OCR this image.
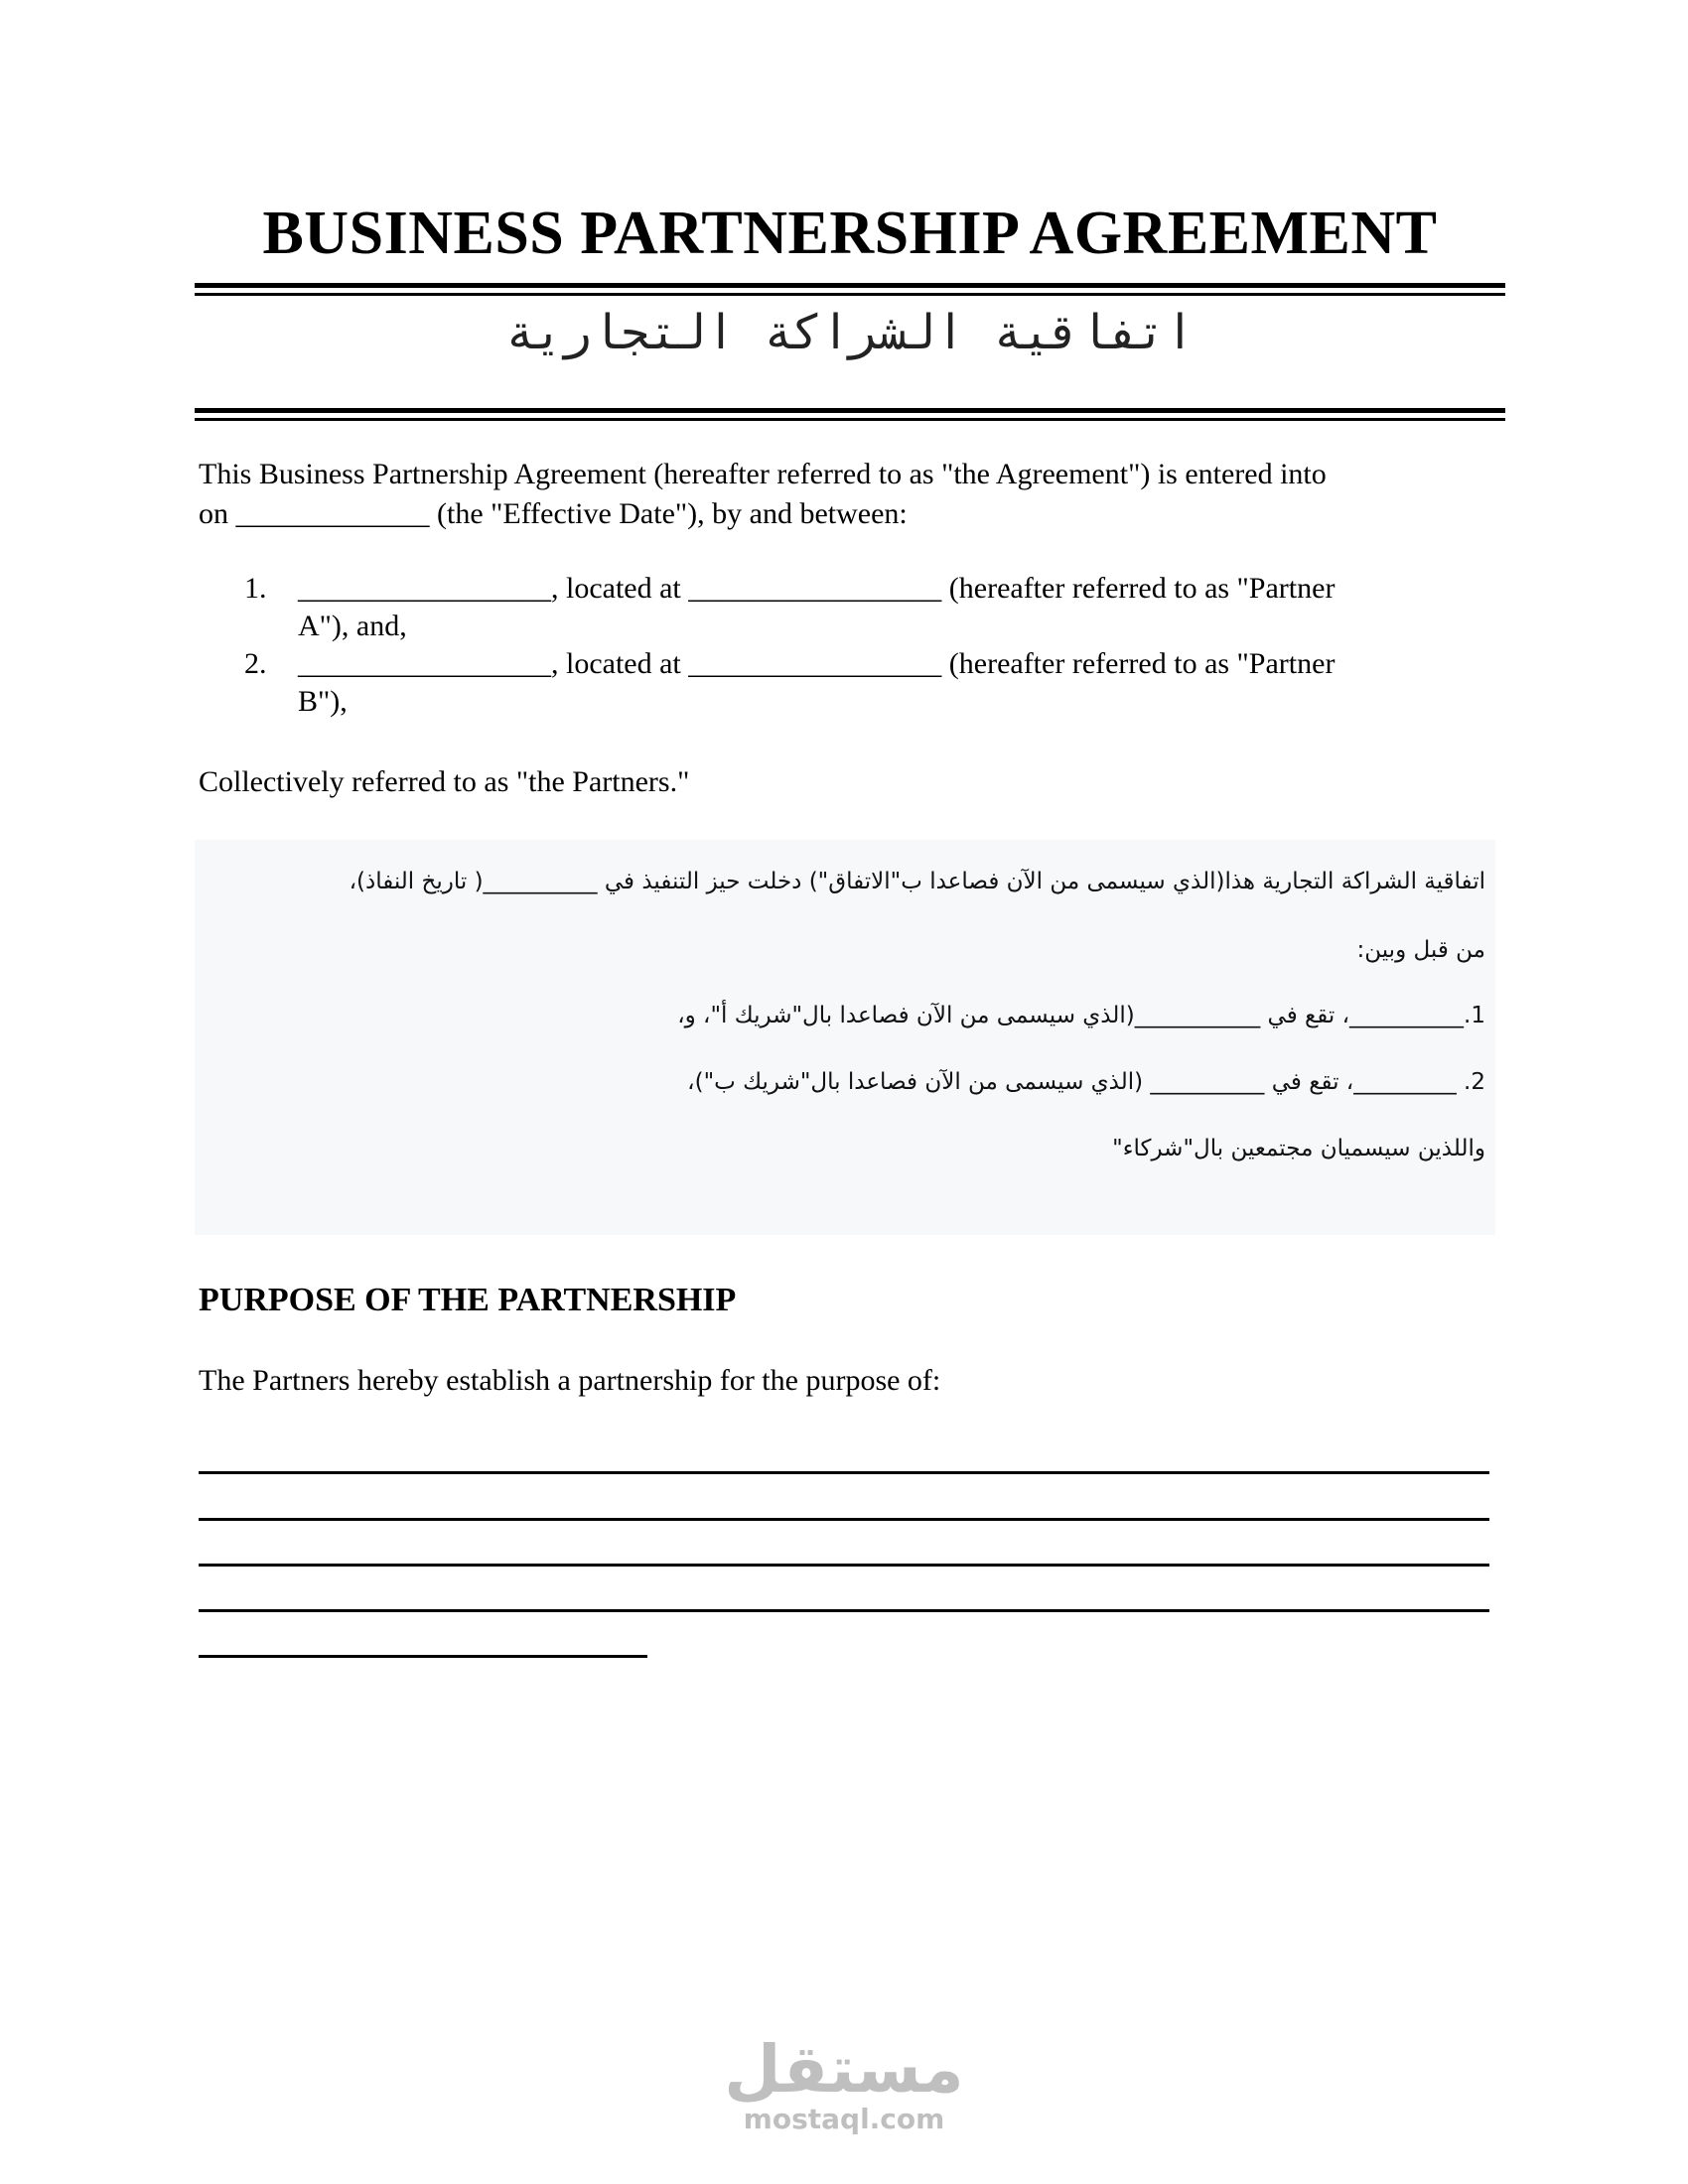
BUSINESS PARTNERSHIP AGREEMENT
اتفاقية الشراكة التجارية

This Business Partnership Agreement (hereafter referred to as "the Agreement") is entered into
on _____________ (the "Effective Date"), by and between:

1. _________________, located at _________________ (hereafter referred to as "Partner
A"), and,
2. _________________, located at _________________ (hereafter referred to as "Partner
B"),

Collectively referred to as "the Partners."

اتفاقية الشراكة التجارية هذا(الذي سيسمى من الآن فصاعدا ب"الاتفاق") دخلت حيز التنفيذ في __________( تاريخ النفاذ)،
من قبل وبين:
1.__________، تقع في ___________(الذي سيسمى من الآن فصاعدا بال"شريك أ"، و،
2. _________، تقع في __________ (الذي سيسمى من الآن فصاعدا بال"شريك ب")،
واللذين سيسميان مجتمعين بال"شركاء"
PURPOSE OF THE PARTNERSHIP

The Partners hereby establish a partnership for the purpose of:

مستقل
mostaql.com
